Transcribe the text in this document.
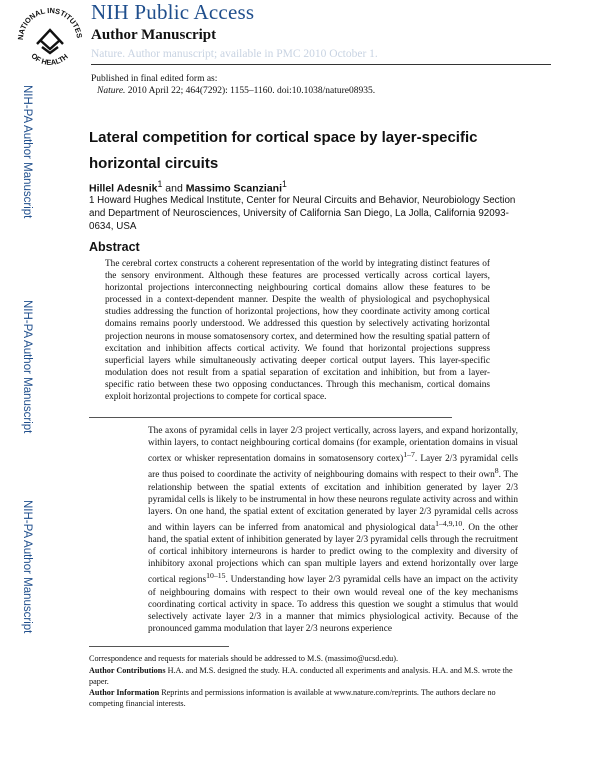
NATIONAL INSTITUTES
OF HEALTH
NIH Public Access
Author Manuscript
Nature. Author manuscript; available in PMC 2010 October 1.
Published in final edited form as:
Nature. 2010 April 22; 464(7292): 1155–1160. doi:10.1038/nature08935.
NIH-PA Author Manuscript
NIH-PA Author Manuscript
NIH-PA Author Manuscript
Lateral competition for cortical space by layer-specific horizontal circuits
Hillel Adesnik$^1$ and Massimo Scanziani$^1$
1 Howard Hughes Medical Institute, Center for Neural Circuits and Behavior, Neurobiology Section and Department of Neurosciences, University of California San Diego, La Jolla, California 92093-0634, USA
Abstract
The cerebral cortex constructs a coherent representation of the world by integrating distinct features of the sensory environment. Although these features are processed vertically across cortical layers, horizontal projections interconnecting neighbouring cortical domains allow these features to be processed in a context-dependent manner. Despite the wealth of physiological and psychophysical studies addressing the function of horizontal projections, how they coordinate activity among cortical domains remains poorly understood. We addressed this question by selectively activating horizontal projection neurons in mouse somatosensory cortex, and determined how the resulting spatial pattern of excitation and inhibition affects cortical activity. We found that horizontal projections suppress superficial layers while simultaneously activating deeper cortical output layers. This layer-specific modulation does not result from a spatial separation of excitation and inhibition, but from a layer-specific ratio between these two opposing conductances. Through this mechanism, cortical domains exploit horizontal projections to compete for cortical space.
The axons of pyramidal cells in layer 2/3 project vertically, across layers, and expand horizontally, within layers, to contact neighbouring cortical domains (for example, orientation domains in visual cortex or whisker representation domains in somatosensory cortex)$^{1-7}$. Layer 2/3 pyramidal cells are thus poised to coordinate the activity of neighbouring domains with respect to their own$^8$. The relationship between the spatial extents of excitation and inhibition generated by layer 2/3 pyramidal cells is likely to be instrumental in how these neurons regulate activity across and within layers. On one hand, the spatial extent of excitation generated by layer 2/3 pyramidal cells across and within layers can be inferred from anatomical and physiological data$^{1-4,9,10}$. On the other hand, the spatial extent of inhibition generated by layer 2/3 pyramidal cells through the recruitment of cortical inhibitory interneurons is harder to predict owing to the complexity and diversity of inhibitory axonal projections which can span multiple layers and extend horizontally over large cortical regions$^{10-15}$. Understanding how layer 2/3 pyramidal cells have an impact on the activity of neighbouring domains with respect to their own would reveal one of the key mechanisms coordinating cortical activity in space. To address this question we sought a stimulus that would selectively activate layer 2/3 in a manner that mimics physiological activity. Because of the pronounced gamma modulation that layer 2/3 neurons experience
Correspondence and requests for materials should be addressed to M.S. (massimo@ucsd.edu).
Author Contributions H.A. and M.S. designed the study. H.A. conducted all experiments and analysis. H.A. and M.S. wrote the paper.
Author Information Reprints and permissions information is available at www.nature.com/reprints. The authors declare no competing financial interests.
